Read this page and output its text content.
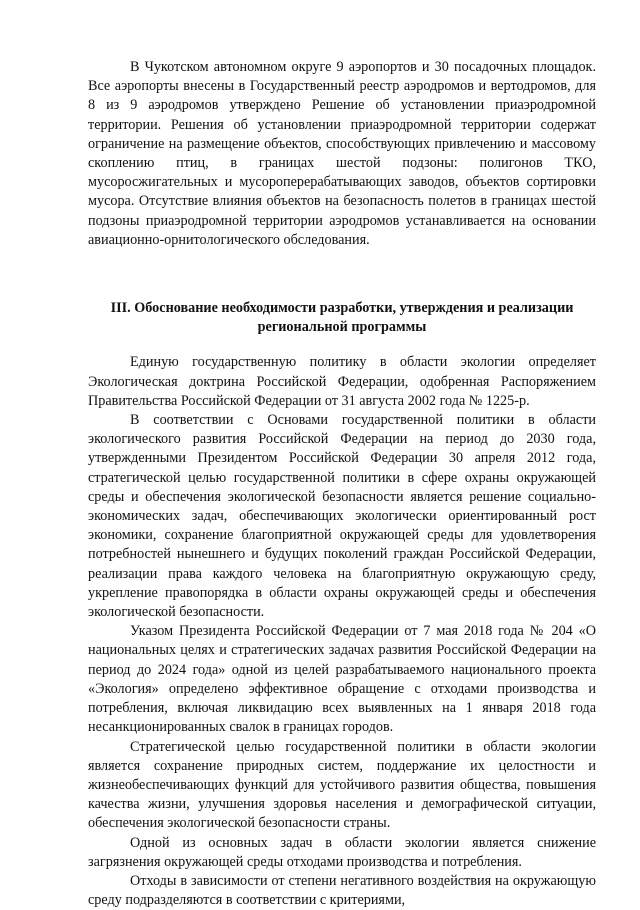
В Чукотском автономном округе 9 аэропортов и 30 посадочных площадок. Все аэропорты внесены в Государственный реестр аэродромов и вертодромов, для 8 из 9 аэродромов утверждено Решение об установлении приаэродромной территории. Решения об установлении приаэродромной территории содержат ограничение на размещение объектов, способствующих привлечению и массовому скоплению птиц, в границах шестой подзоны: полигонов ТКО, мусоросжигательных и мусороперерабатывающих заводов, объектов сортировки мусора. Отсутствие влияния объектов на безопасность полетов в границах шестой подзоны приаэродромной территории аэродромов устанавливается на основании авиационно-орнитологического обследования.

III. Обоснование необходимости разработки, утверждения и реализации региональной программы

Единую государственную политику в области экологии определяет Экологическая доктрина Российской Федерации, одобренная Распоряжением Правительства Российской Федерации от 31 августа 2002 года № 1225-р.

В соответствии с Основами государственной политики в области экологического развития Российской Федерации на период до 2030 года, утвержденными Президентом Российской Федерации 30 апреля 2012 года, стратегической целью государственной политики в сфере охраны окружающей среды и обеспечения экологической безопасности является решение социально-экономических задач, обеспечивающих экологически ориентированный рост экономики, сохранение благоприятной окружающей среды для удовлетворения потребностей нынешнего и будущих поколений граждан Российской Федерации, реализации права каждого человека на благоприятную окружающую среду, укрепление правопорядка в области охраны окружающей среды и обеспечения экологической безопасности.

Указом Президента Российской Федерации от 7 мая 2018 года № 204 «О национальных целях и стратегических задачах развития Российской Федерации на период до 2024 года» одной из целей разрабатываемого национального проекта «Экология» определено эффективное обращение с отходами производства и потребления, включая ликвидацию всех выявленных на 1 января 2018 года несанкционированных свалок в границах городов.

Стратегической целью государственной политики в области экологии является сохранение природных систем, поддержание их целостности и жизнеобеспечивающих функций для устойчивого развития общества, повышения качества жизни, улучшения здоровья населения и демографической ситуации, обеспечения экологической безопасности страны.

Одной из основных задач в области экологии является снижение загрязнения окружающей среды отходами производства и потребления.

Отходы в зависимости от степени негативного воздействия на окружающую среду подразделяются в соответствии с критериями,
